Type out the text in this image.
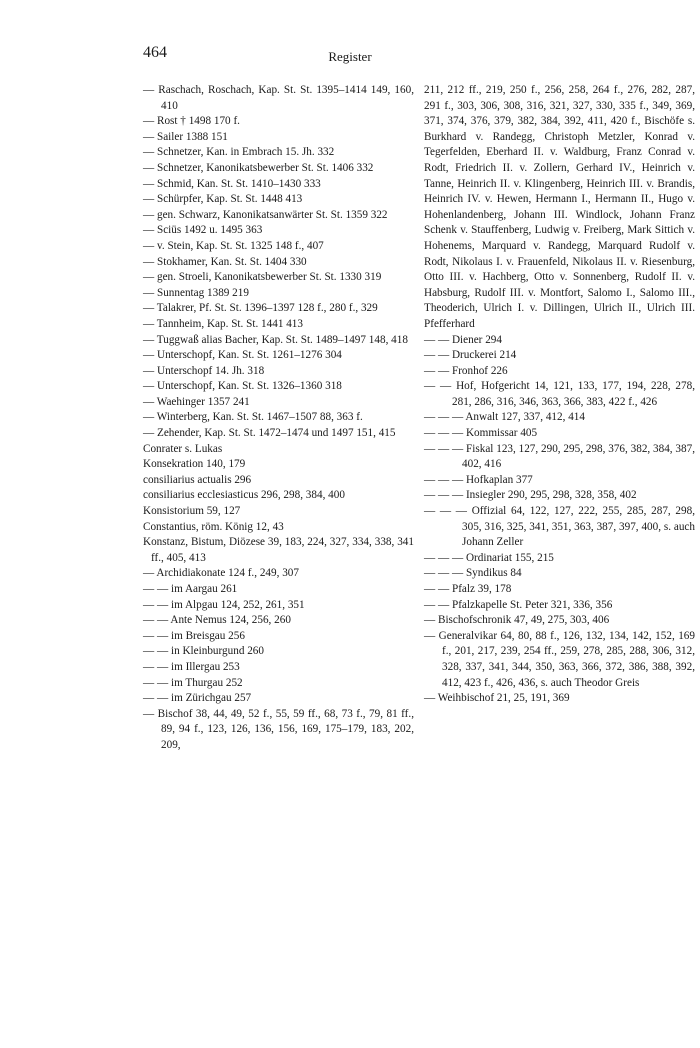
464	Register
— Raschach, Roschach, Kap. St. St. 1395–1414 149, 160, 410
— Rost † 1498 170 f.
— Sailer 1388 151
— Schnetzer, Kan. in Embrach 15. Jh. 332
— Schnetzer, Kanonikatsbewerber St. St. 1406 332
— Schmid, Kan. St. St. 1410–1430 333
— Schürpfer, Kap. St. St. 1448 413
— gen. Schwarz, Kanonikatsanwärter St. St. 1359 322
— Sciüs 1492 u. 1495 363
— v. Stein, Kap. St. St. 1325 148 f., 407
— Stokhamer, Kan. St. St. 1404 330
— gen. Stroeli, Kanonikatsbewerber St. St. 1330 319
— Sunnentag 1389 219
— Talakrer, Pf. St. St. 1396–1397 128 f., 280 f., 329
— Tannheim, Kap. St. St. 1441 413
— Tuggwaß alias Bacher, Kap. St. St. 1489–1497 148, 418
— Unterschopf, Kan. St. St. 1261–1276 304
— Unterschopf 14. Jh. 318
— Unterschopf, Kan. St. St. 1326–1360 318
— Waehinger 1357 241
— Winterberg, Kan. St. St. 1467–1507 88, 363 f.
— Zehender, Kap. St. St. 1472–1474 und 1497 151, 415
Conrater s. Lukas
Konsekration 140, 179
consiliarius actualis 296
consiliarius ecclesiasticus 296, 298, 384, 400
Konsistorium 59, 127
Constantius, röm. König 12, 43
Konstanz, Bistum, Diözese 39, 183, 224, 327, 334, 338, 341 ff., 405, 413
— Archidiakonate 124 f., 249, 307
— — im Aargau 261
— — im Alpgau 124, 252, 261, 351
— — Ante Nemus 124, 256, 260
— — im Breisgau 256
— — in Kleinburgund 260
— — im Illergau 253
— — im Thurgau 252
— — im Zürichgau 257
— Bischof 38, 44, 49, 52 f., 55, 59 ff., 68, 73 f., 79, 81 ff., 89, 94 f., 123, 126, 136, 156, 169, 175–179, 183, 202, 209,
211, 212 ff., 219, 250 f., 256, 258, 264 f., 276, 282, 287, 291 f., 303, 306, 308, 316, 321, 327, 330, 335 f., 349, 369, 371, 374, 376, 379, 382, 384, 392, 411, 420 f., Bischöfe s. Burkhard v. Randegg, Christoph Metzler, Konrad v. Tegerfelden, Eberhard II. v. Waldburg, Franz Conrad v. Rodt, Friedrich II. v. Zollern, Gerhard IV., Heinrich v. Tanne, Heinrich II. v. Klingenberg, Heinrich III. v. Brandis, Heinrich IV. v. Hewen, Hermann I., Hermann II., Hugo v. Hohenlandenberg, Johann III. Windlock, Johann Franz Schenk v. Stauffenberg, Ludwig v. Freiberg, Mark Sittich v. Hohenems, Marquard v. Randegg, Marquard Rudolf v. Rodt, Nikolaus I. v. Frauenfeld, Nikolaus II. v. Riesenburg, Otto III. v. Hachberg, Otto v. Sonnenberg, Rudolf II. v. Habsburg, Rudolf III. v. Montfort, Salomo I., Salomo III., Theoderich, Ulrich I. v. Dillingen, Ulrich II., Ulrich III. Pfefferhard
— — Diener 294
— — Druckerei 214
— — Fronhof 226
— — Hof, Hofgericht 14, 121, 133, 177, 194, 228, 278, 281, 286, 316, 346, 363, 366, 383, 422 f., 426
— — — Anwalt 127, 337, 412, 414
— — — Kommissar 405
— — — Fiskal 123, 127, 290, 295, 298, 376, 382, 384, 387, 402, 416
— — — Hofkaplan 377
— — — Insiegler 290, 295, 298, 328, 358, 402
— — — Offizial 64, 122, 127, 222, 255, 285, 287, 298, 305, 316, 325, 341, 351, 363, 387, 397, 400, s. auch Johann Zeller
— — — Ordinariat 155, 215
— — — Syndikus 84
— — Pfalz 39, 178
— — Pfalzkapelle St. Peter 321, 336, 356
— Bischofschronik 47, 49, 275, 303, 406
— Generalvikar 64, 80, 88 f., 126, 132, 134, 142, 152, 169 f., 201, 217, 239, 254 ff., 259, 278, 285, 288, 306, 312, 328, 337, 341, 344, 350, 363, 366, 372, 386, 388, 392, 412, 423 f., 426, 436, s. auch Theodor Greis
— Weihbischof 21, 25, 191, 369
